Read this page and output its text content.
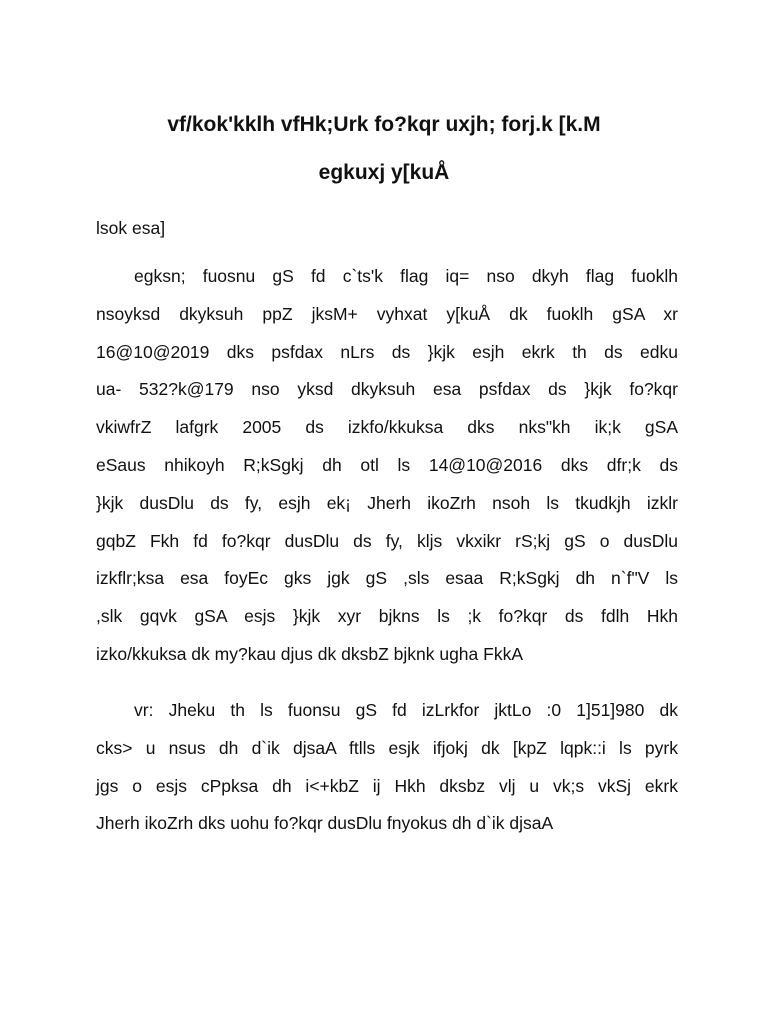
vf/kok'kklh vfHk;Urk fo?kqr uxjh; forj.k [k.M
egkuxj y[kuÅ
lsok esa]
egksn; fuosnu gS fd c`ts'k flag iq= nso dkyh flag fuoklh
nsoyksd dkyksuh ppZ jksM+ vyhxat y[kuÅ dk fuoklh gSA xr
16@10@2019 dks psfdax nLrs ds }kjk esjh ekrk th ds edku
ua- 532?k@179 nso yksd dkyksuh esa psfdax ds }kjk fo?kqr
vkiwfrZ lafgrk 2005 ds izkfo/kkuksa dks nks"kh ik;k gSA
eSaus nhikoyh R;kSgkj dh otl ls 14@10@2016 dks dfr;k ds
}kjk dusDlu ds fy, esjh ek¡ Jherh ikoZrh nsoh ls tkudkjh izklr
gqbZ Fkh fd fo?kqr dusDlu ds fy, kljs vkxikr rS;kj gS o dusDlu
izkflr;ksa esa foyEc gks jgk gS ,sls esaa R;kSgkj dh n`f"V ls
,slk gqvk gSA esjs }kjk xyr bjkns ls ;k fo?kqr ds fdlh Hkh
izko/kkuksa dk my?kau djus dk dksbZ bjknk ugha FkkA
vr: Jheku th ls fuonsu gS fd izLrkfor jktLo :0 1]51]980 dk
cks> u nsus dh d`ik djsaA ftlls esjk ifjokj dk [kpZ lqpk::i ls pyrk
jgs o esjs cPpksa dh i<+kbZ ij Hkh dksbz vlj u vk;s vkSj ekrk
Jherh ikoZrh dks uohu fo?kqr dusDlu fnyokus dh d`ik djsaA
